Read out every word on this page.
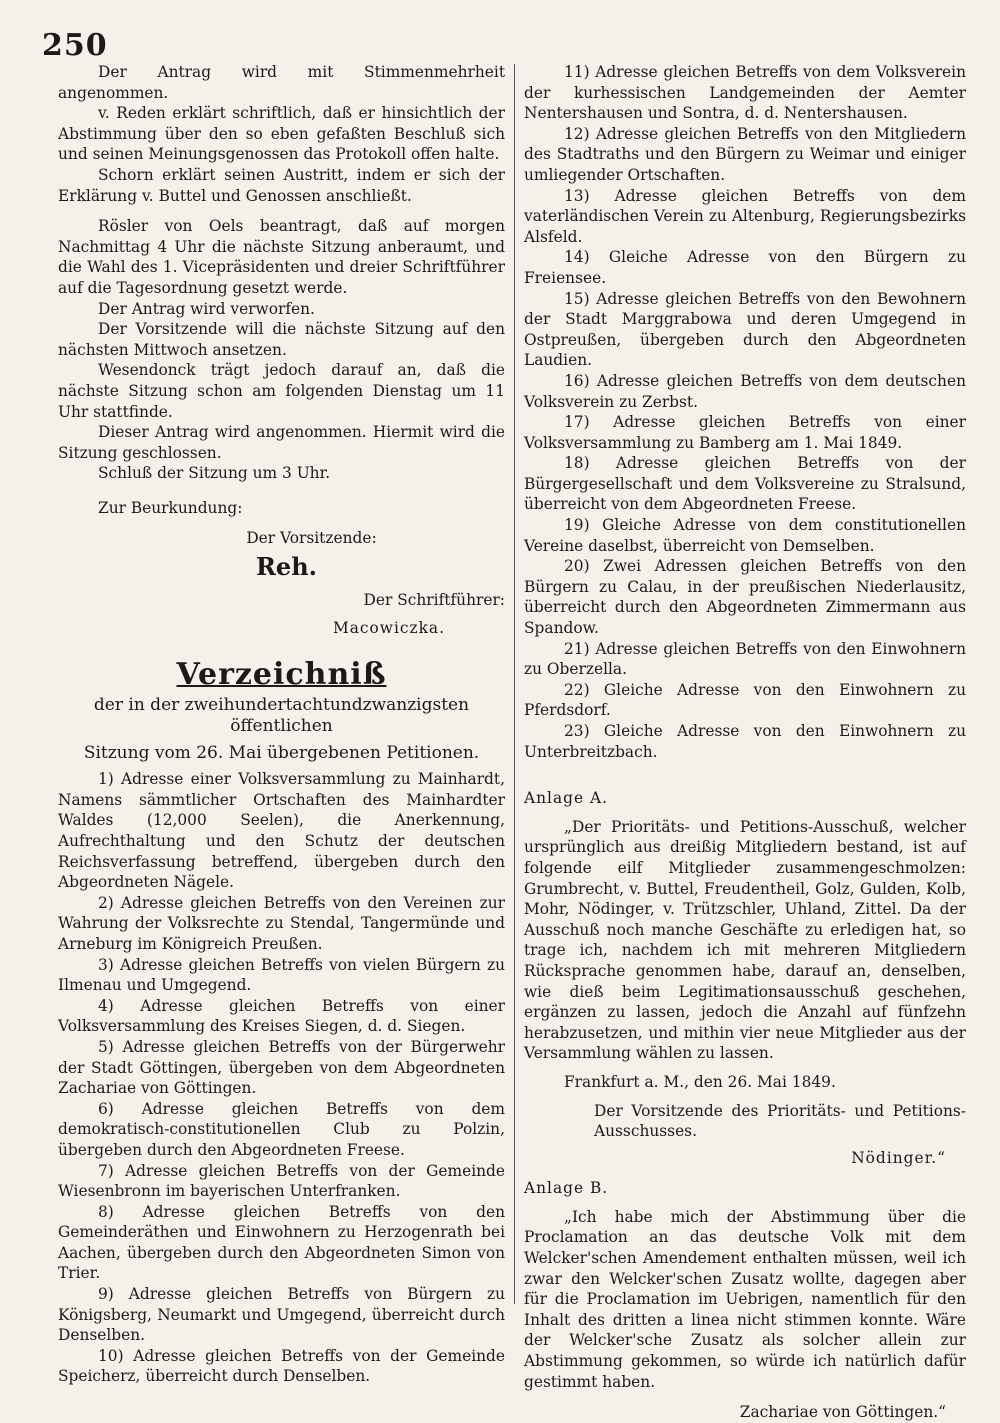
250

Der Antrag wird mit Stimmenmehrheit angenommen.

v. Reden erklärt schriftlich, daß er hinsichtlich der Abstimmung über den so eben gefaßten Beschluß sich und seinen Meinungsgenossen das Protokoll offen halte.

Schorn erklärt seinen Austritt, indem er sich der Erklärung v. Buttel und Genossen anschließt.

Rösler von Oels beantragt, daß auf morgen Nachmittag 4 Uhr die nächste Sitzung anberaumt, und die Wahl des 1. Vicepräsidenten und dreier Schriftführer auf die Tagesordnung gesetzt werde.

Der Antrag wird verworfen.

Der Vorsitzende will die nächste Sitzung auf den nächsten Mittwoch ansetzen.

Wesendonck trägt jedoch darauf an, daß die nächste Sitzung schon am folgenden Dienstag um 11 Uhr stattfinde.

Dieser Antrag wird angenommen. Hiermit wird die Sitzung geschlossen.

Schluß der Sitzung um 3 Uhr.

Zur Beurkundung:

Der Vorsitzende:

Reh.

Der Schriftführer:

Macowiczka.

Verzeichniß

der in der zweihundertachtundzwanzigsten öffentlichen

Sitzung vom 26. Mai übergebenen Petitionen.

1) Adresse einer Volksversammlung zu Mainhardt, Namens sämmtlicher Ortschaften des Mainhardter Waldes (12,000 Seelen), die Anerkennung, Aufrechthaltung und den Schutz der deutschen Reichsverfassung betreffend, übergeben durch den Abgeordneten Nägele.

2) Adresse gleichen Betreffs von den Vereinen zur Wahrung der Volksrechte zu Stendal, Tangermünde und Arneburg im Königreich Preußen.

3) Adresse gleichen Betreffs von vielen Bürgern zu Ilmenau und Umgegend.

4) Adresse gleichen Betreffs von einer Volksversammlung des Kreises Siegen, d. d. Siegen.

5) Adresse gleichen Betreffs von der Bürgerwehr der Stadt Göttingen, übergeben von dem Abgeordneten Zachariae von Göttingen.

6) Adresse gleichen Betreffs von dem demokratisch-constitutionellen Club zu Polzin, übergeben durch den Abgeordneten Freese.

7) Adresse gleichen Betreffs von der Gemeinde Wiesenbronn im bayerischen Unterfranken.

8) Adresse gleichen Betreffs von den Gemeinderäthen und Einwohnern zu Herzogenrath bei Aachen, übergeben durch den Abgeordneten Simon von Trier.

9) Adresse gleichen Betreffs von Bürgern zu Königsberg, Neumarkt und Umgegend, überreicht durch Denselben.

10) Adresse gleichen Betreffs von der Gemeinde Speicherz, überreicht durch Denselben.

11) Adresse gleichen Betreffs von dem Volksverein der kurhessischen Landgemeinden der Aemter Nentershausen und Sontra, d. d. Nentershausen.

12) Adresse gleichen Betreffs von den Mitgliedern des Stadtraths und den Bürgern zu Weimar und einiger umliegender Ortschaften.

13) Adresse gleichen Betreffs von dem vaterländischen Verein zu Altenburg, Regierungsbezirks Alsfeld.

14) Gleiche Adresse von den Bürgern zu Freiensee.

15) Adresse gleichen Betreffs von den Bewohnern der Stadt Marggrabowa und deren Umgegend in Ostpreußen, übergeben durch den Abgeordneten Laudien.

16) Adresse gleichen Betreffs von dem deutschen Volksverein zu Zerbst.

17) Adresse gleichen Betreffs von einer Volksversammlung zu Bamberg am 1. Mai 1849.

18) Adresse gleichen Betreffs von der Bürgergesellschaft und dem Volksvereine zu Stralsund, überreicht von dem Abgeordneten Freese.

19) Gleiche Adresse von dem constitutionellen Vereine daselbst, überreicht von Demselben.

20) Zwei Adressen gleichen Betreffs von den Bürgern zu Calau, in der preußischen Niederlausitz, überreicht durch den Abgeordneten Zimmermann aus Spandow.

21) Adresse gleichen Betreffs von den Einwohnern zu Oberzella.

22) Gleiche Adresse von den Einwohnern zu Pferdsdorf.

23) Gleiche Adresse von den Einwohnern zu Unterbreitzbach.

Anlage A.

„Der Prioritäts- und Petitions-Ausschuß, welcher ursprünglich aus dreißig Mitgliedern bestand, ist auf folgende eilf Mitglieder zusammengeschmolzen: Grumbrecht, v. Buttel, Freudentheil, Golz, Gulden, Kolb, Mohr, Nödinger, v. Trützschler, Uhland, Zittel. Da der Ausschuß noch manche Geschäfte zu erledigen hat, so trage ich, nachdem ich mit mehreren Mitgliedern Rücksprache genommen habe, darauf an, denselben, wie dieß beim Legitimationsausschuß geschehen, ergänzen zu lassen, jedoch die Anzahl auf fünfzehn herabzusetzen, und mithin vier neue Mitglieder aus der Versammlung wählen zu lassen.

Frankfurt a. M., den 26. Mai 1849.

Der Vorsitzende des Prioritäts- und Petitions-Ausschusses.

Nödinger.“

Anlage B.

„Ich habe mich der Abstimmung über die Proclamation an das deutsche Volk mit dem Welcker'schen Amendement enthalten müssen, weil ich zwar den Welcker'schen Zusatz wollte, dagegen aber für die Proclamation im Uebrigen, namentlich für den Inhalt des dritten a linea nicht stimmen konnte. Wäre der Welcker'sche Zusatz als solcher allein zur Abstimmung gekommen, so würde ich natürlich dafür gestimmt haben.

Zachariae von Göttingen.“
